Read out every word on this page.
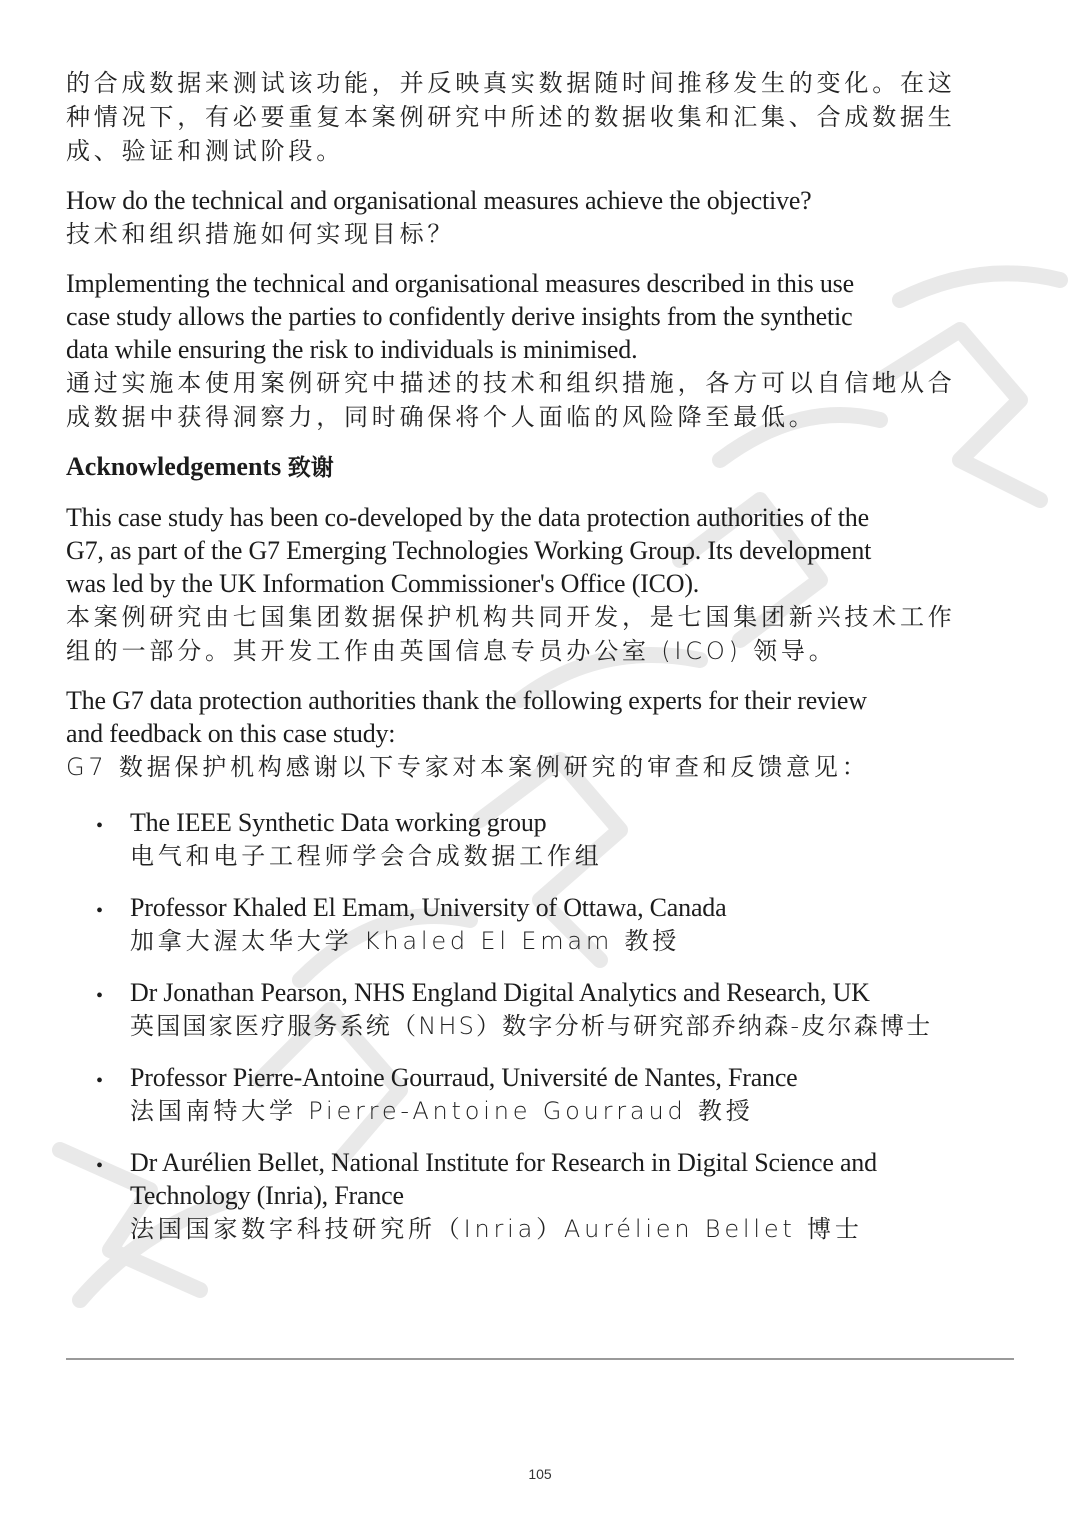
的合成数据来测试该功能，并反映真实数据随时间推移发生的变化。在这
种情况下，有必要重复本案例研究中所述的数据收集和汇集、合成数据生
成、验证和测试阶段。
How do the technical and organisational measures achieve the objective?
技术和组织措施如何实现目标？
Implementing the technical and organisational measures described in this use
case study allows the parties to confidently derive insights from the synthetic
data while ensuring the risk to individuals is minimised.
通过实施本使用案例研究中描述的技术和组织措施，各方可以自信地从合
成数据中获得洞察力，同时确保将个人面临的风险降至最低。
Acknowledgements 致谢
This case study has been co-developed by the data protection authorities of the
G7, as part of the G7 Emerging Technologies Working Group. Its development
was led by the UK Information Commissioner's Office (ICO).
本案例研究由七国集团数据保护机构共同开发，是七国集团新兴技术工作
组的一部分。其开发工作由英国信息专员办公室 (ICO) 领导。
The G7 data protection authorities thank the following experts for their review
and feedback on this case study:
G7 数据保护机构感谢以下专家对本案例研究的审查和反馈意见：
• The IEEE Synthetic Data working group
电气和电子工程师学会合成数据工作组
• Professor Khaled El Emam, University of Ottawa, Canada
加拿大渥太华大学 Khaled El Emam 教授
• Dr Jonathan Pearson, NHS England Digital Analytics and Research, UK
英国国家医疗服务系统（NHS）数字分析与研究部乔纳森-皮尔森博士
• Professor Pierre-Antoine Gourraud, Université de Nantes, France
法国南特大学 Pierre-Antoine Gourraud 教授
• Dr Aurélien Bellet, National Institute for Research in Digital Science and
Technology (Inria), France
法国国家数字科技研究所（Inria）Aurélien Bellet 博士
105
